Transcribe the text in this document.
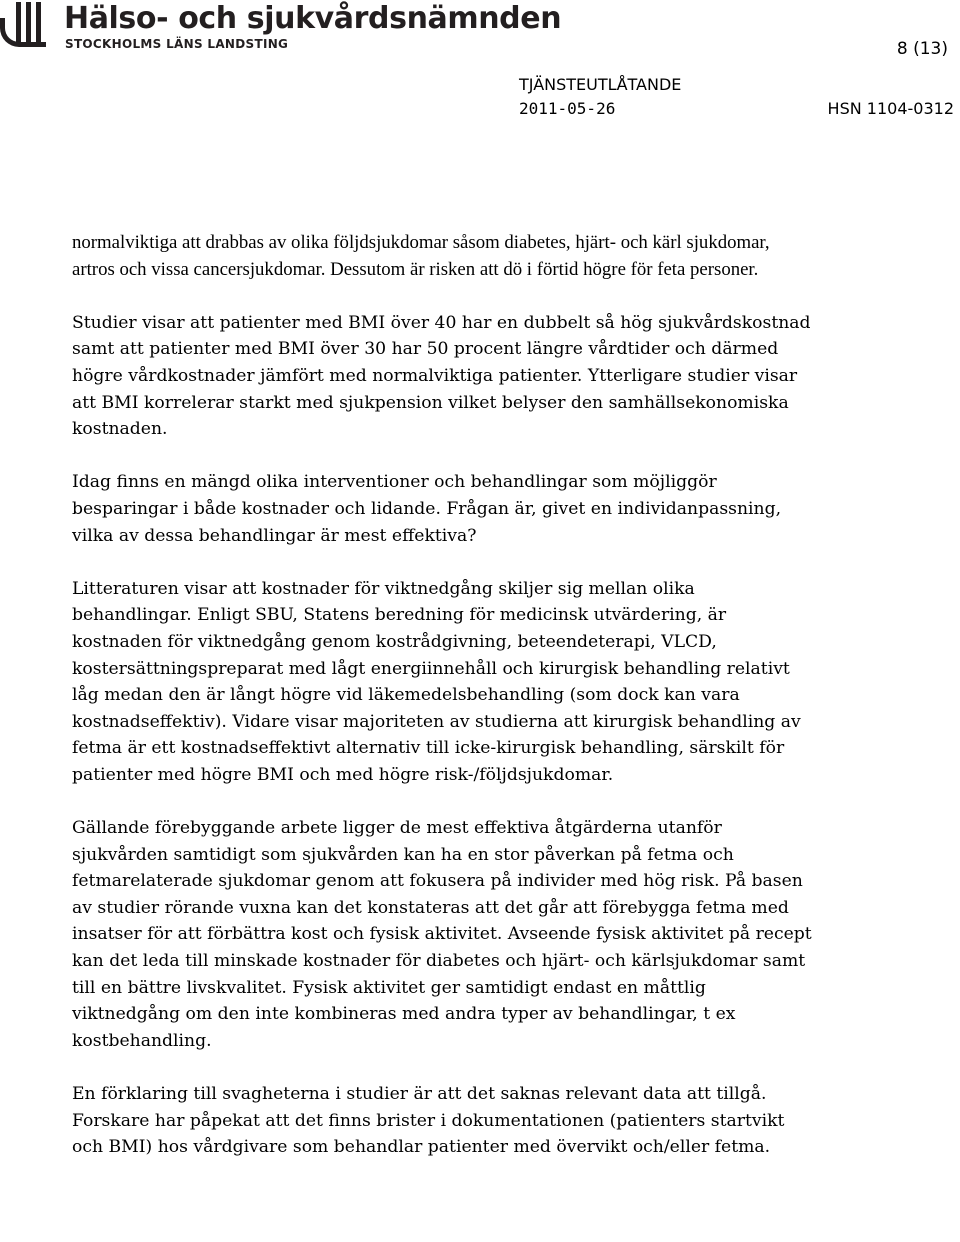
Hälso- och sjukvårdsnämnden
STOCKHOLMS LÄNS LANDSTING	8 (13)
TJÄNSTEUTLÅTANDE
2011-05-26	HSN 1104-0312

normalviktiga att drabbas av olika följdsjukdomar såsom diabetes, hjärt- och kärl sjukdomar, artros och vissa cancersjukdomar. Dessutom är risken att dö i förtid högre för feta personer.

Studier visar att patienter med BMI över 40 har en dubbelt så hög sjukvårdskostnad samt att patienter med BMI över 30 har 50 procent längre vårdtider och därmed högre vårdkostnader jämfört med normalviktiga patienter. Ytterligare studier visar att BMI korrelerar starkt med sjukpension vilket belyser den samhällsekonomiska kostnaden.

Idag finns en mängd olika interventioner och behandlingar som möjliggör besparingar i både kostnader och lidande. Frågan är, givet en individanpassning, vilka av dessa behandlingar är mest effektiva?

Litteraturen visar att kostnader för viktnedgång skiljer sig mellan olika behandlingar. Enligt SBU, Statens beredning för medicinsk utvärdering, är kostnaden för viktnedgång genom kostrådgivning, beteendeterapi, VLCD, kostersättningspreparat med lågt energiinnehåll och kirurgisk behandling relativt låg medan den är långt högre vid läkemedelsbehandling (som dock kan vara kostnadseffektiv). Vidare visar majoriteten av studierna att kirurgisk behandling av fetma är ett kostnadseffektivt alternativ till icke-kirurgisk behandling, särskilt för patienter med högre BMI och med högre risk-/följdsjukdomar.

Gällande förebyggande arbete ligger de mest effektiva åtgärderna utanför sjukvården samtidigt som sjukvården kan ha en stor påverkan på fetma och fetmarelaterade sjukdomar genom att fokusera på individer med hög risk. På basen av studier rörande vuxna kan det konstateras att det går att förebygga fetma med insatser för att förbättra kost och fysisk aktivitet. Avseende fysisk aktivitet på recept kan det leda till minskade kostnader för diabetes och hjärt- och kärlsjukdomar samt till en bättre livskvalitet. Fysisk aktivitet ger samtidigt endast en måttlig viktnedgång om den inte kombineras med andra typer av behandlingar, t ex kostbehandling.

En förklaring till svagheterna i studier är att det saknas relevant data att tillgå. Forskare har påpekat att det finns brister i dokumentationen (patienters startvikt och BMI) hos vårdgivare som behandlar patienter med övervikt och/eller fetma.
